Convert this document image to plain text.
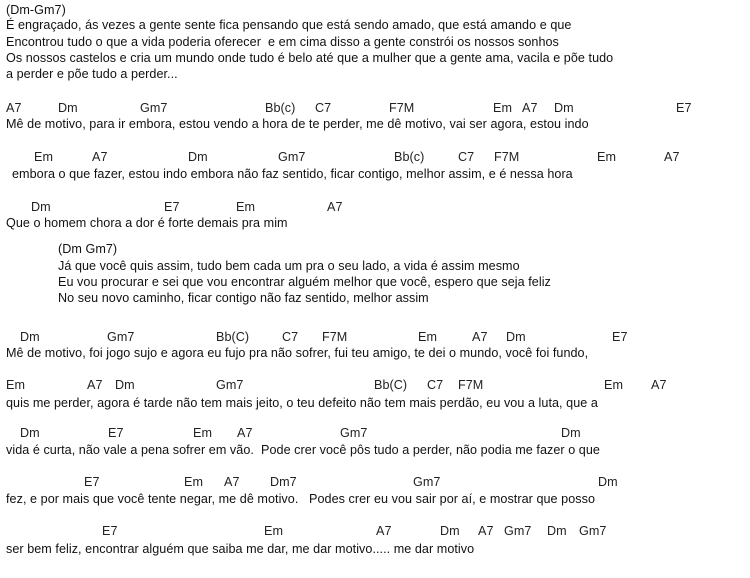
(Dm-Gm7)
É engraçado, ás vezes a gente sente fica pensando que está sendo amado, que está amando e que
Encontrou tudo o que a vida poderia oferecer  e em cima disso a gente constrói os nossos sonhos
Os nossos castelos e cria um mundo onde tudo é belo até que a mulher que a gente ama, vacila e põe tudo
a perder e põe tudo a perder...
A7	Dm	Gm7	Bb(c) C7	F7M	Em A7 Dm	E7
Mê de motivo, para ir embora, estou vendo a hora de te perder, me dê motivo, vai ser agora, estou indo
Em	A7	Dm	Gm7	Bb(c)	C7 F7M	Em	A7
embora o que fazer, estou indo embora não faz sentido, ficar contigo, melhor assim, e é nessa hora
Dm	E7	Em	A7
Que o homem chora a dor é forte demais pra mim
(Dm Gm7)
Já que você quis assim, tudo bem cada um pra o seu lado, a vida é assim mesmo
Eu vou procurar e sei que vou encontrar alguém melhor que você, espero que seja feliz
No seu novo caminho, ficar contigo não faz sentido, melhor assim
Dm	Gm7	Bb(C)	C7 F7M	Em	A7 Dm	E7
Mê de motivo, foi jogo sujo e agora eu fujo pra não sofrer, fui teu amigo, te dei o mundo, você foi fundo,
Em	A7 Dm	Gm7	Bb(C) C7 F7M	Em A7
quis me perder, agora é tarde não tem mais jeito, o teu defeito não tem mais perdão, eu vou a luta, que a
Dm	E7	Em A7	Gm7	Dm
vida é curta, não vale a pena sofrer em vão.  Pode crer você pôs tudo a perder, não podia me fazer o que
E7	Em A7 Dm7	Gm7	Dm
fez, e por mais que você tente negar, me dê motivo.   Podes crer eu vou sair por aí, e mostrar que posso
E7	Em	A7	Dm A7 Gm7 Dm Gm7
ser bem feliz, encontrar alguém que saiba me dar, me dar motivo..... me dar motivo
